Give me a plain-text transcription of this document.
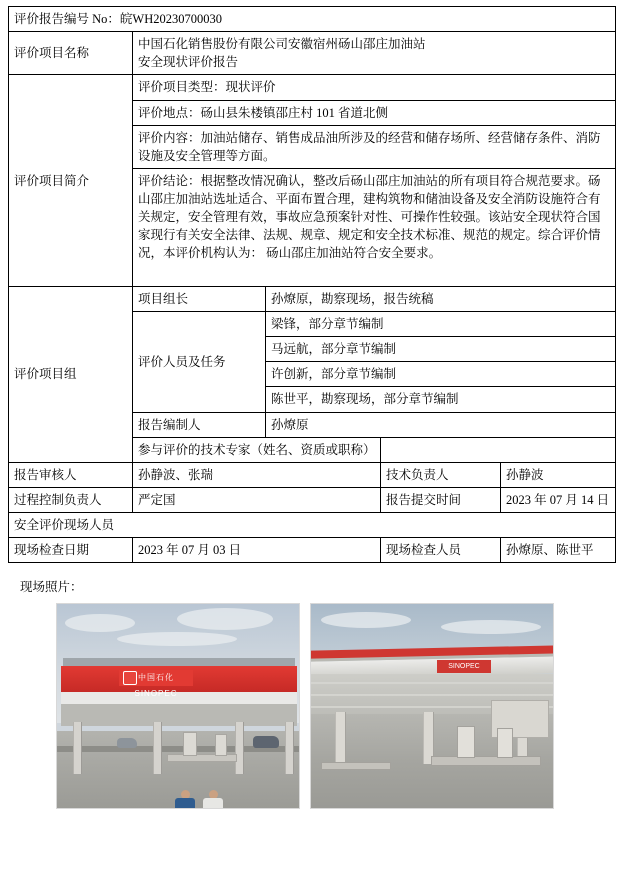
评价报告编号 No：皖WH20230700030				
评价项目名称	中国石化销售股份有限公司安徽宿州砀山邵庄加油站
安全现状评价报告			

评价项目简介	评价项目类型：现状评价			
	评价地点：砀山县朱楼镇邵庄村 101 省道北侧			
	评价内容：加油站储存、销售成品油所涉及的经营和储存场所、经营储存条件、消防设施及安全管理等方面。			
	评价结论：根据整改情况确认，整改后砀山邵庄加油站的所有项目符合规范要求。砀山邵庄加油站选址适合、平面布置合理，建构筑物和储油设备及安全消防设施符合有关规定，安全管理有效，事故应急预案针对性、可操作性较强。该站安全现状符合国家现行有关安全法律、法规、规章、规定和安全技术标准、规范的规定。综合评价情况，本评价机构认为： 砀山邵庄加油站符合安全要求。			
评价项目组	项目组长	孙燎原，勘察现场，报告统稿		
	评价人员及任务	梁锋，部分章节编制		
		马远航，部分章节编制		
		许创新，部分章节编制		
		陈世平，勘察现场，部分章节编制		
	报告编制人	孙燎原		
	参与评价的技术专家（姓名、资质或职称）			
报告审核人	孙静波、张瑞		技术负责人	孙静波
过程控制负责人	严定国		报告提交时间	2023 年 07 月 14 日
安全评价现场人员				
现场检查日期	2023 年 07 月 03 日		现场检查人员	孙燎原、陈世平
现场照片：
中国石化 SINOPEC
SINOPEC
